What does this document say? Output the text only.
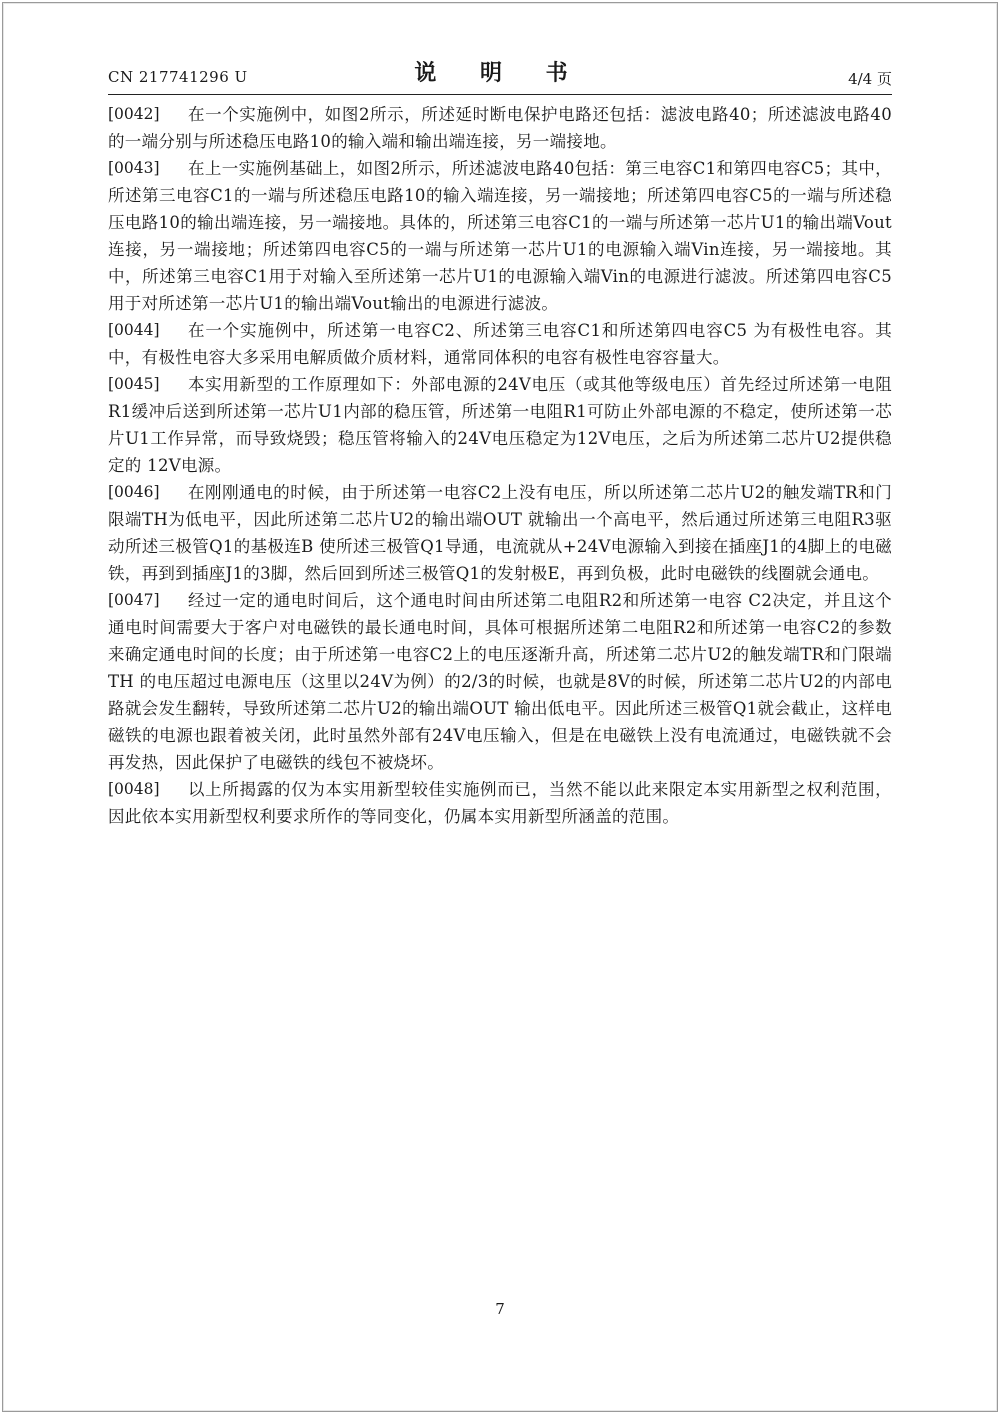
CN 217741296 U	说 明 书	4/4 页
[0042]	在一个实施例中，如图2所示，所述延时断电保护电路还包括：滤波电路40；所述滤波电路40的一端分别与所述稳压电路10的输入端和输出端连接，另一端接地。
[0043]	在上一实施例基础上，如图2所示，所述滤波电路40包括：第三电容C1和第四电容C5；其中，所述第三电容C1的一端与所述稳压电路10的输入端连接，另一端接地；所述第四电容C5的一端与所述稳压电路10的输出端连接，另一端接地。具体的，所述第三电容C1的一端与所述第一芯片U1的输出端Vout连接，另一端接地；所述第四电容C5的一端与所述第一芯片U1的电源输入端Vin连接，另一端接地。其中，所述第三电容C1用于对输入至所述第一芯片U1的电源输入端Vin的电源进行滤波。所述第四电容C5用于对所述第一芯片U1的输出端Vout输出的电源进行滤波。
[0044]	在一个实施例中，所述第一电容C2、所述第三电容C1和所述第四电容C5 为有极性电容。其中，有极性电容大多采用电解质做介质材料，通常同体积的电容有极性电容容量大。
[0045]	本实用新型的工作原理如下：外部电源的24V电压（或其他等级电压）首先经过所述第一电阻R1缓冲后送到所述第一芯片U1内部的稳压管，所述第一电阻R1可防止外部电源的不稳定，使所述第一芯片U1工作异常，而导致烧毁；稳压管将输入的24V电压稳定为12V电压，之后为所述第二芯片U2提供稳定的 12V电源。
[0046]	在刚刚通电的时候，由于所述第一电容C2上没有电压，所以所述第二芯片U2的触发端TR和门限端TH为低电平，因此所述第二芯片U2的输出端OUT 就输出一个高电平，然后通过所述第三电阻R3驱动所述三极管Q1的基极连B 使所述三极管Q1导通，电流就从+24V电源输入到接在插座J1的4脚上的电磁铁，再到到插座J1的3脚，然后回到所述三极管Q1的发射极E，再到负极，此时电磁铁的线圈就会通电。
[0047]	经过一定的通电时间后，这个通电时间由所述第二电阻R2和所述第一电容 C2决定，并且这个通电时间需要大于客户对电磁铁的最长通电时间，具体可根据所述第二电阻R2和所述第一电容C2的参数来确定通电时间的长度；由于所述第一电容C2上的电压逐渐升高，所述第二芯片U2的触发端TR和门限端TH 的电压超过电源电压（这里以24V为例）的2/3的时候，也就是8V的时候，所述第二芯片U2的内部电路就会发生翻转，导致所述第二芯片U2的输出端OUT 输出低电平。因此所述三极管Q1就会截止，这样电磁铁的电源也跟着被关闭，此时虽然外部有24V电压输入，但是在电磁铁上没有电流通过，电磁铁就不会再发热，因此保护了电磁铁的线包不被烧坏。
[0048]	以上所揭露的仅为本实用新型较佳实施例而已，当然不能以此来限定本实用新型之权利范围，因此依本实用新型权利要求所作的等同变化，仍属本实用新型所涵盖的范围。
7
